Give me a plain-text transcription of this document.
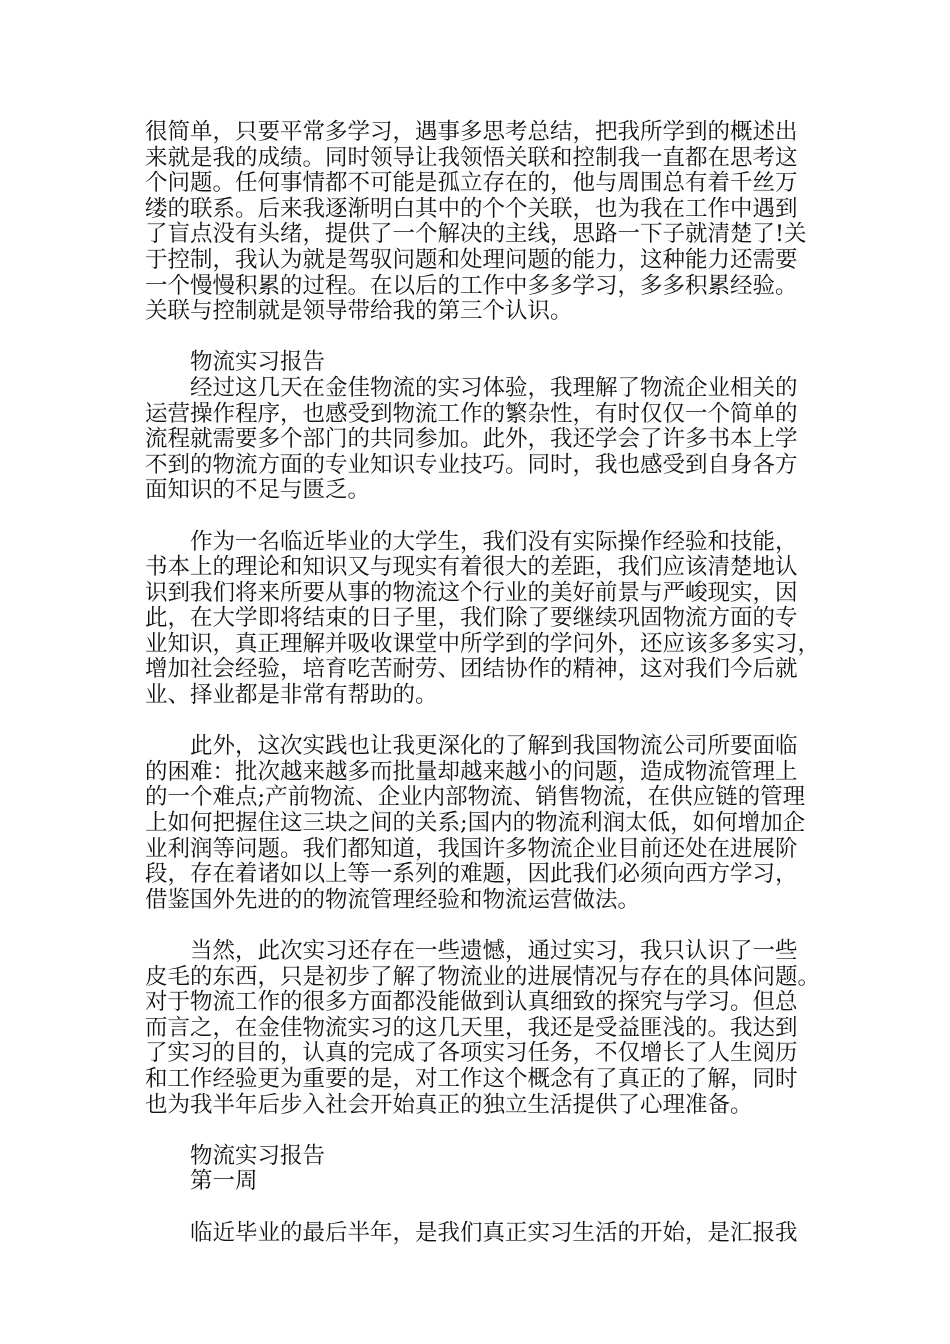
很简单，只要平常多学习，遇事多思考总结，把我所学到的概述出
来就是我的成绩。同时领导让我领悟关联和控制我一直都在思考这
个问题。任何事情都不可能是孤立存在的，他与周围总有着千丝万
缕的联系。后来我逐渐明白其中的个个关联，也为我在工作中遇到
了盲点没有头绪，提供了一个解决的主线，思路一下子就清楚了!关
于控制，我认为就是驾驭问题和处理问题的能力，这种能力还需要
一个慢慢积累的过程。在以后的工作中多多学习，多多积累经验。
关联与控制就是领导带给我的第三个认识。

　　物流实习报告
　　经过这几天在金佳物流的实习体验，我理解了物流企业相关的
运营操作程序，也感受到物流工作的繁杂性，有时仅仅一个简单的
流程就需要多个部门的共同参加。此外，我还学会了许多书本上学
不到的物流方面的专业知识专业技巧。同时，我也感受到自身各方
面知识的不足与匮乏。

　　作为一名临近毕业的大学生，我们没有实际操作经验和技能，
书本上的理论和知识又与现实有着很大的差距，我们应该清楚地认
识到我们将来所要从事的物流这个行业的美好前景与严峻现实，因
此，在大学即将结束的日子里，我们除了要继续巩固物流方面的专
业知识，真正理解并吸收课堂中所学到的学问外，还应该多多实习，
增加社会经验，培育吃苦耐劳、团结协作的精神，这对我们今后就
业、择业都是非常有帮助的。

　　此外，这次实践也让我更深化的了解到我国物流公司所要面临
的困难：批次越来越多而批量却越来越小的问题，造成物流管理上
的一个难点;产前物流、企业内部物流、销售物流，在供应链的管理
上如何把握住这三块之间的关系;国内的物流利润太低，如何增加企
业利润等问题。我们都知道，我国许多物流企业目前还处在进展阶
段，存在着诸如以上等一系列的难题，因此我们必须向西方学习，
借鉴国外先进的的物流管理经验和物流运营做法。

　　当然，此次实习还存在一些遗憾，通过实习，我只认识了一些
皮毛的东西，只是初步了解了物流业的进展情况与存在的具体问题。
对于物流工作的很多方面都没能做到认真细致的探究与学习。但总
而言之，在金佳物流实习的这几天里，我还是受益匪浅的。我达到
了实习的目的，认真的完成了各项实习任务，不仅增长了人生阅历
和工作经验更为重要的是，对工作这个概念有了真正的了解，同时
也为我半年后步入社会开始真正的独立生活提供了心理准备。

　　物流实习报告
　　第一周

　　临近毕业的最后半年，是我们真正实习生活的开始，是汇报我
